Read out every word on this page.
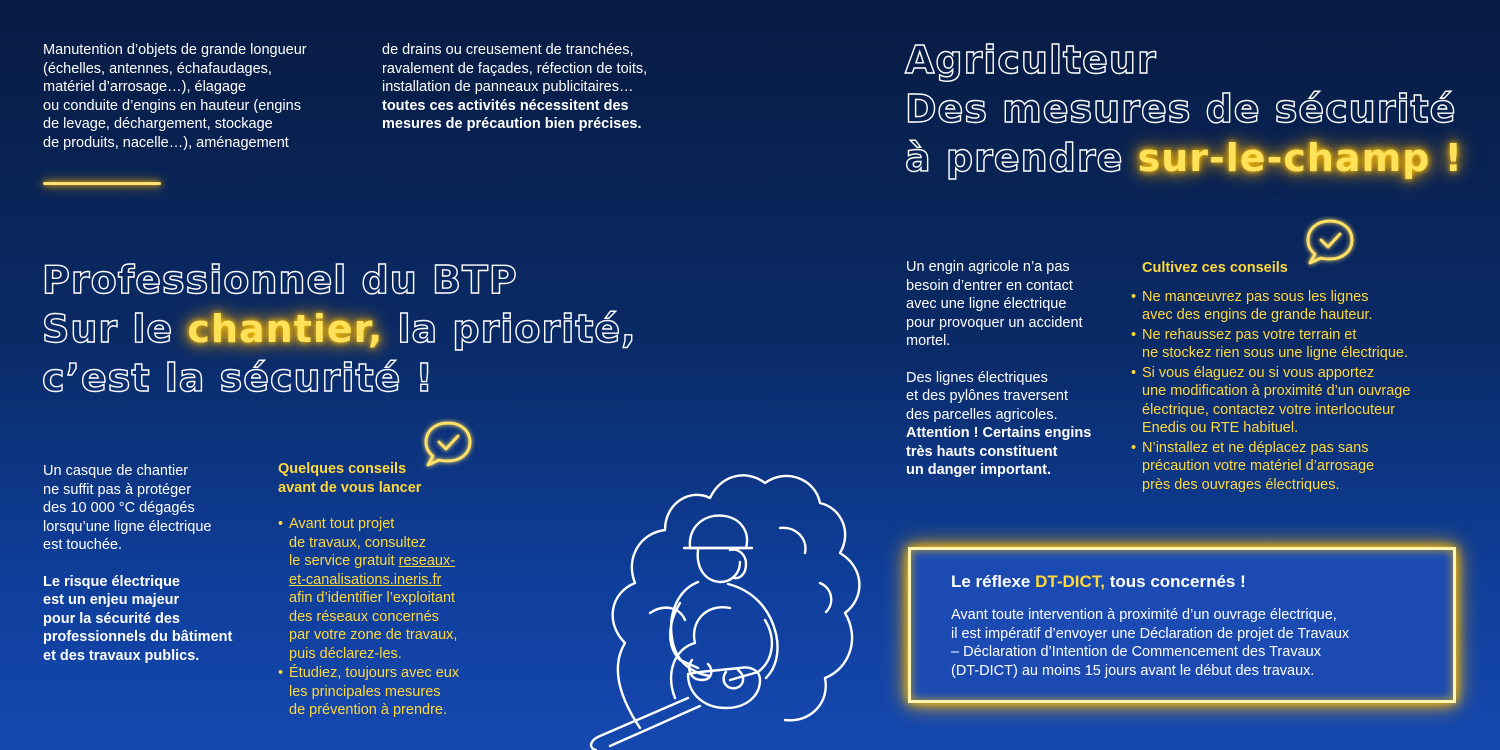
Manutention d’objets de grande longueur

(échelles, antennes, échafaudages,

matériel d’arrosage…), élagage

ou conduite d’engins en hauteur (engins

de levage, déchargement, stockage

de produits, nacelle…), aménagement

de drains ou creusement de tranchées,

ravalement de façades, réfection de toits,

installation de panneaux publicitaires…

toutes ces activités nécessitent des

mesures de précaution bien précises.

Professionnel du BTP
Sur le chantier, la priorité,
c’est la sécurité !

Un casque de chantier

ne suffit pas à protéger

des 10 000 °C dégagés

lorsqu’une ligne électrique

est touchée.

Le risque électrique

est un enjeu majeur

pour la sécurité des

professionnels du bâtiment

et des travaux publics.

Quelques conseils

avant de vous lancer

• Avant tout projet
de travaux, consultez
le service gratuit reseaux-
et-canalisations.ineris.fr
afin d’identifier l’exploitant
des réseaux concernés
par votre zone de travaux,
puis déclarez-les.
• Étudiez, toujours avec eux
les principales mesures
de prévention à prendre.
Agriculteur
Des mesures de sécurité
à prendre sur-le-champ !

Un engin agricole n’a pas

besoin d’entrer en contact

avec une ligne électrique

pour provoquer un accident

mortel.

Des lignes électriques

et des pylônes traversent

des parcelles agricoles.

Attention ! Certains engins

très hauts constituent

un danger important.

Cultivez ces conseils

• Ne manœuvrez pas sous les lignes
avec des engins de grande hauteur.
• Ne rehaussez pas votre terrain et
ne stockez rien sous une ligne électrique.
• Si vous élaguez ou si vous apportez
une modification à proximité d’un ouvrage
électrique, contactez votre interlocuteur
Enedis ou RTE habituel.
• N’installez et ne déplacez pas sans
précaution votre matériel d’arrosage
près des ouvrages électriques.
Le réflexe DT-DICT, tous concernés !

Avant toute intervention à proximité d’un ouvrage électrique,

il est impératif d’envoyer une Déclaration de projet de Travaux

– Déclaration d’Intention de Commencement des Travaux

(DT-DICT) au moins 15 jours avant le début des travaux.
